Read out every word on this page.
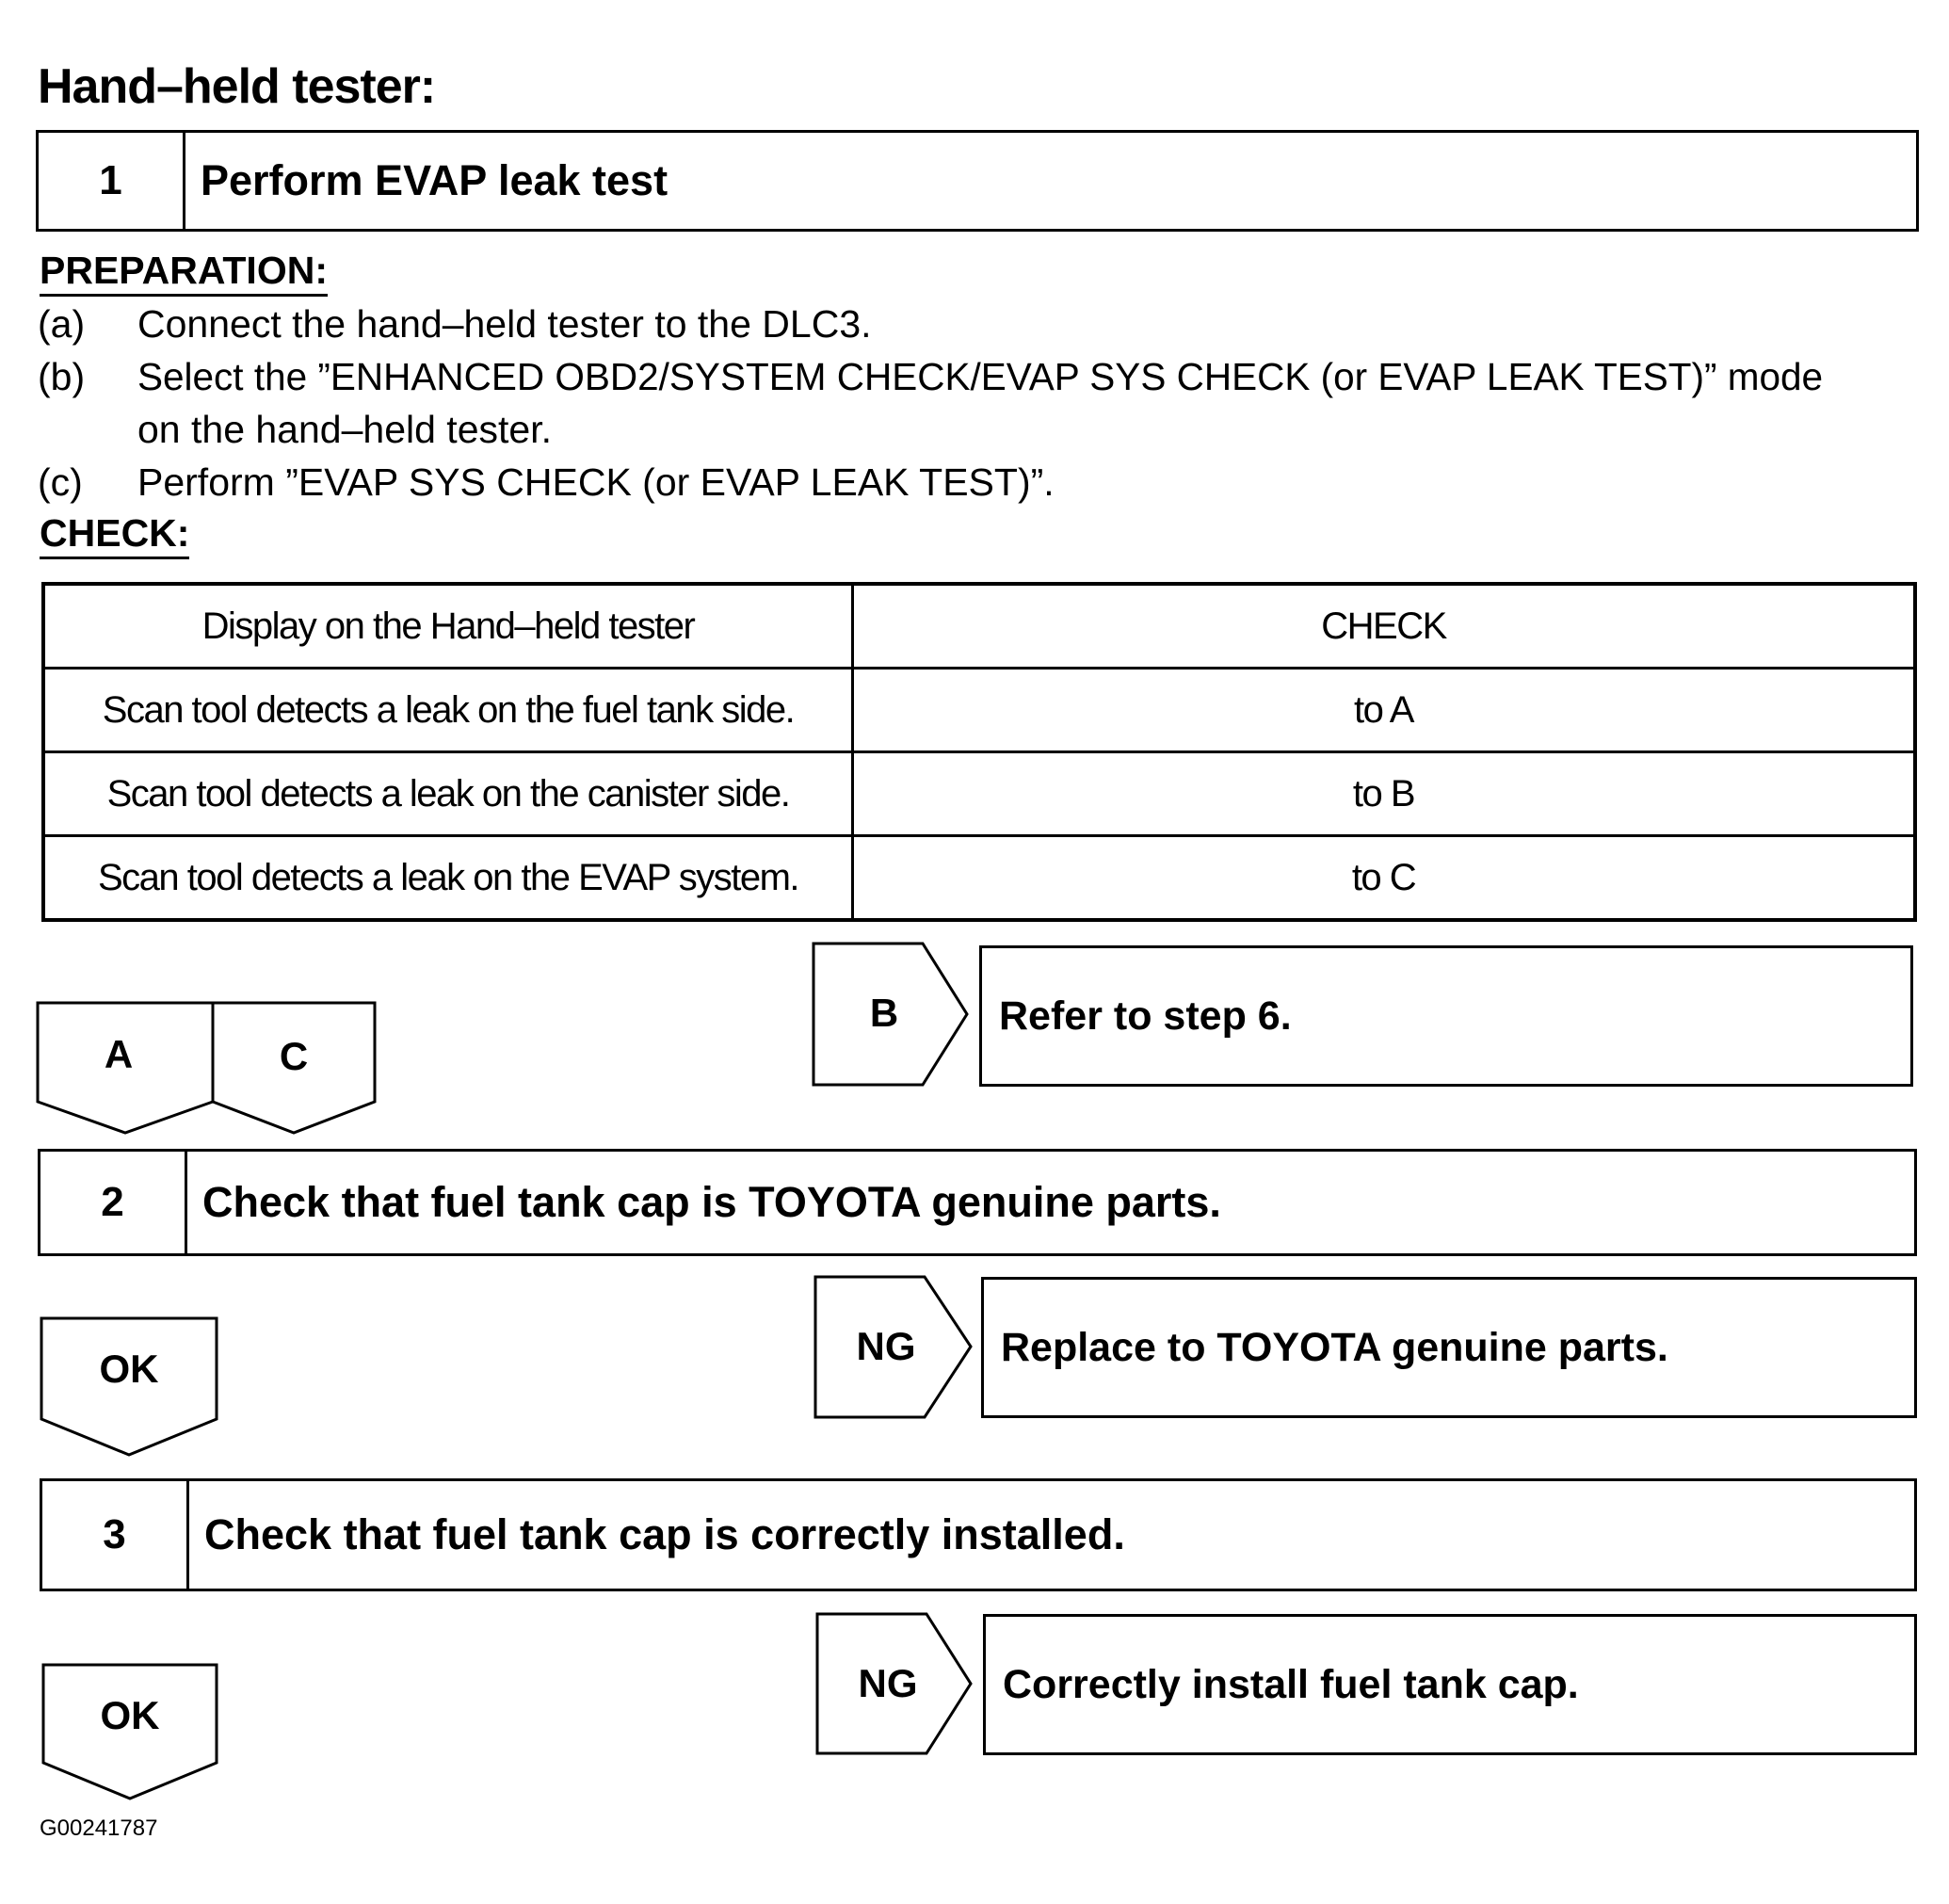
Hand–held tester:
1	Perform EVAP leak test
PREPARATION:
(a) Connect the hand–held tester to the DLC3.
(b) Select the ”ENHANCED OBD2/SYSTEM CHECK/EVAP SYS CHECK (or EVAP LEAK TEST)” mode
on the hand–held tester.
(c) Perform ”EVAP SYS CHECK (or EVAP LEAK TEST)”.
CHECK:
Display on the Hand–held tester	CHECK
Scan tool detects a leak on the fuel tank side.	to A
Scan tool detects a leak on the canister side.	to B
Scan tool detects a leak on the EVAP system.	to C
A	C
B	Refer to step 6.
2	Check that fuel tank cap is TOYOTA genuine parts.
OK
NG	Replace to TOYOTA genuine parts.
3	Check that fuel tank cap is correctly installed.
OK
NG	Correctly install fuel tank cap.
G00241787
